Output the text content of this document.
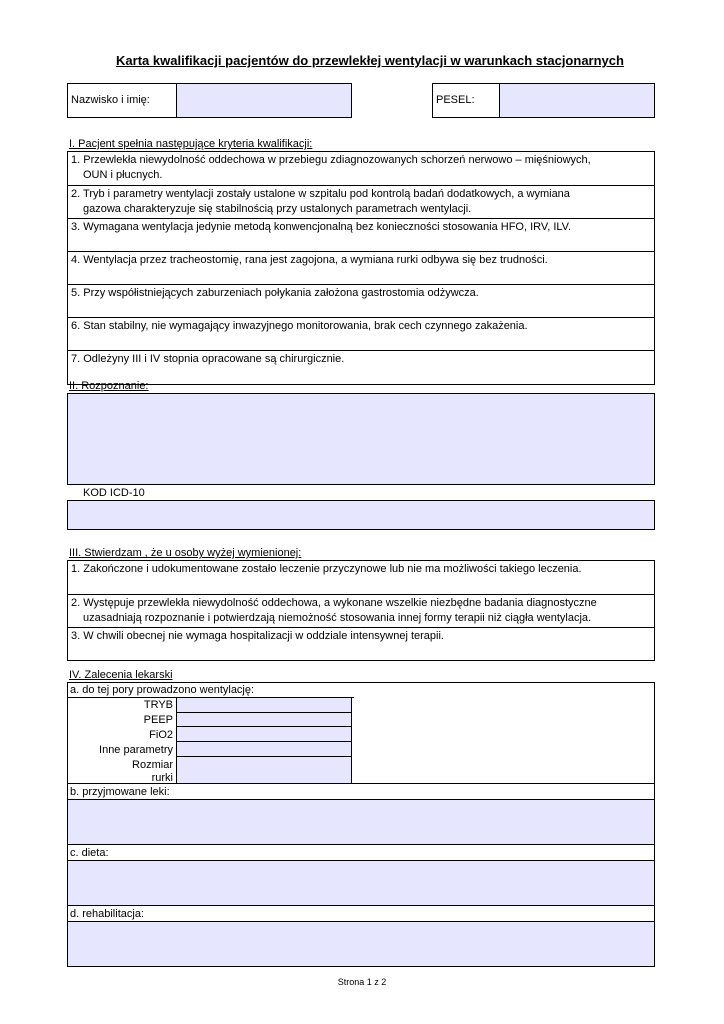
Karta kwalifikacji pacjentów do przewlekłej wentylacji w warunkach stacjonarnych
Nazwisko i imię:	PESEL:
I. Pacjent spełnia następujące kryteria kwalifikacji:
1. Przewlekła niewydolność oddechowa w przebiegu zdiagnozowanych schorzeń nerwowo – mięśniowych,
OUN i płucnych.
2. Tryb i parametry wentylacji zostały ustalone w szpitalu pod kontrolą badań dodatkowych, a wymiana
gazowa charakteryzuje się stabilnością przy ustalonych parametrach wentylacji.
3. Wymagana wentylacja jedynie metodą konwencjonalną bez konieczności stosowania HFO, IRV, ILV.
4. Wentylacja przez tracheostomię, rana jest zagojona, a wymiana rurki odbywa się bez trudności.
5. Przy współistniejących zaburzeniach połykania założona gastrostomia odżywcza.
6. Stan stabilny, nie wymagający inwazyjnego monitorowania, brak cech czynnego zakażenia.
7. Odleżyny III i IV stopnia opracowane są chirurgicznie.
II. Rozpoznanie:
KOD ICD-10
III. Stwierdzam , że u osoby wyżej wymienionej:
1. Zakończone i udokumentowane zostało leczenie przyczynowe lub nie ma możliwości takiego leczenia.
2. Występuje przewlekła niewydolność oddechowa, a wykonane wszelkie niezbędne badania diagnostyczne
uzasadniają rozpoznanie i potwierdzają niemożność stosowania innej formy terapii niż ciągła wentylacja.
3. W chwili obecnej nie wymaga hospitalizacji w oddziale intensywnej terapii.
IV. Zalecenia lekarski
a. do tej pory prowadzono wentylację:
TRYB
PEEP
FiO2
Inne parametry
Rozmiar rurki
b. przyjmowane leki:
c. dieta:
d. rehabilitacja:
Strona 1 z 2
